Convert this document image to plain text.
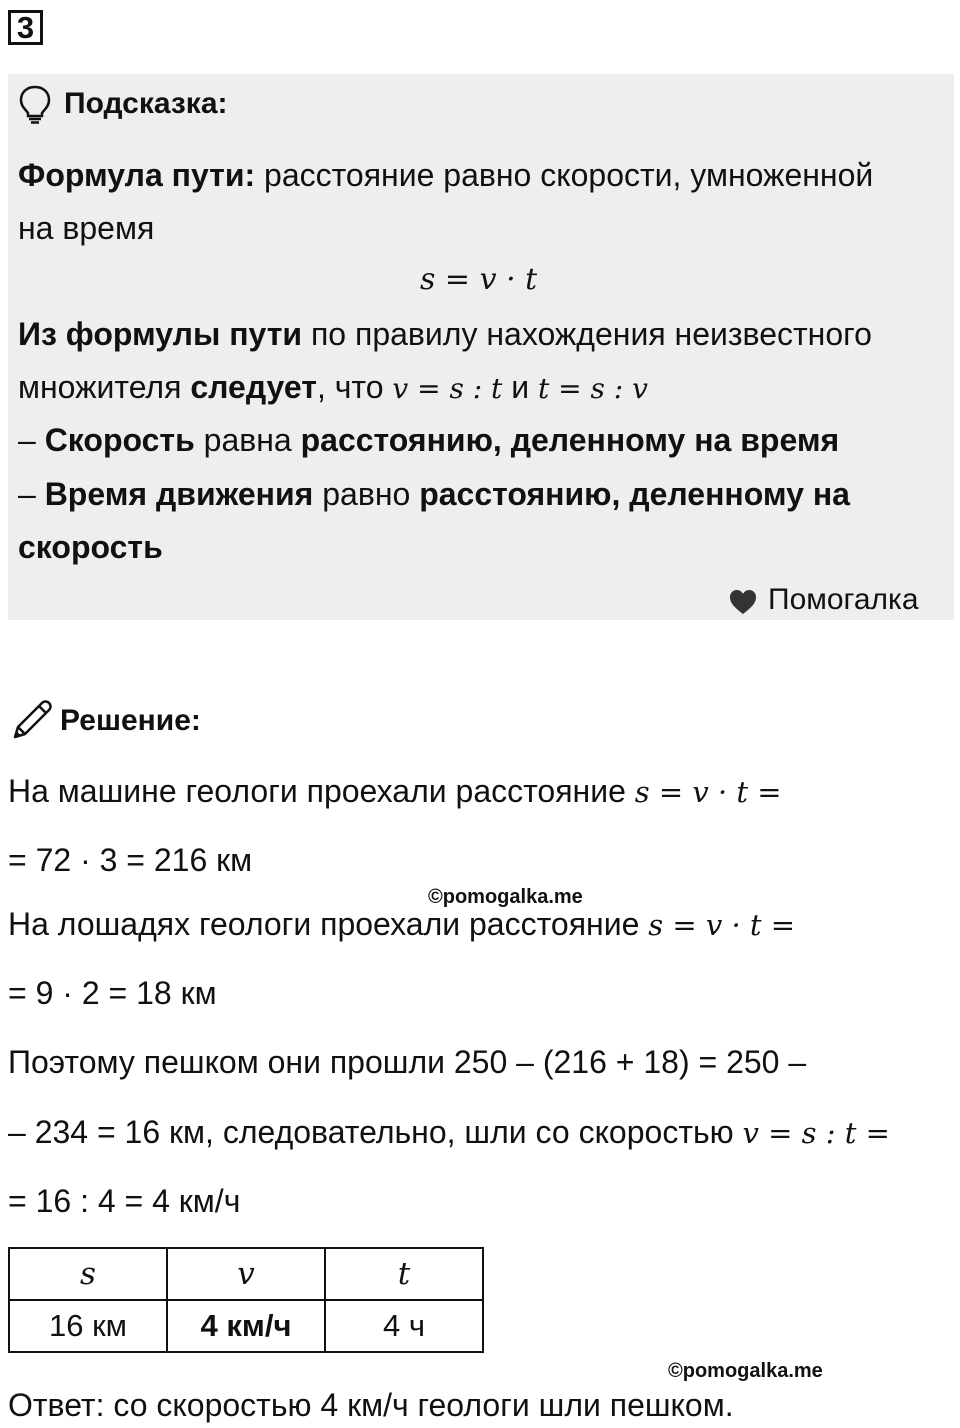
3
Подсказка:
Формула пути: расстояние равно скорости, умноженной
на время
s = v · t
Из формулы пути по правилу нахождения неизвестного
множителя следует, что v = s : t и t = s : v
– Скорость равна расстоянию, деленному на время
– Время движения равно расстоянию, деленному на
скорость
Помогалка
Решение:
На машине геологи проехали расстояние s = v · t =
= 72 · 3 = 216 км
©pomogalka.me
На лошадях геологи проехали расстояние s = v · t =
= 9 · 2 = 18 км
Поэтому пешком они прошли 250 – (216 + 18) = 250 –
– 234 = 16 км, следовательно, шли со скоростью v = s : t =
= 16 : 4 = 4 км/ч
s	v	t
16 км	4 км/ч	4 ч
©pomogalka.me
Ответ: со скоростью 4 км/ч геологи шли пешком.
